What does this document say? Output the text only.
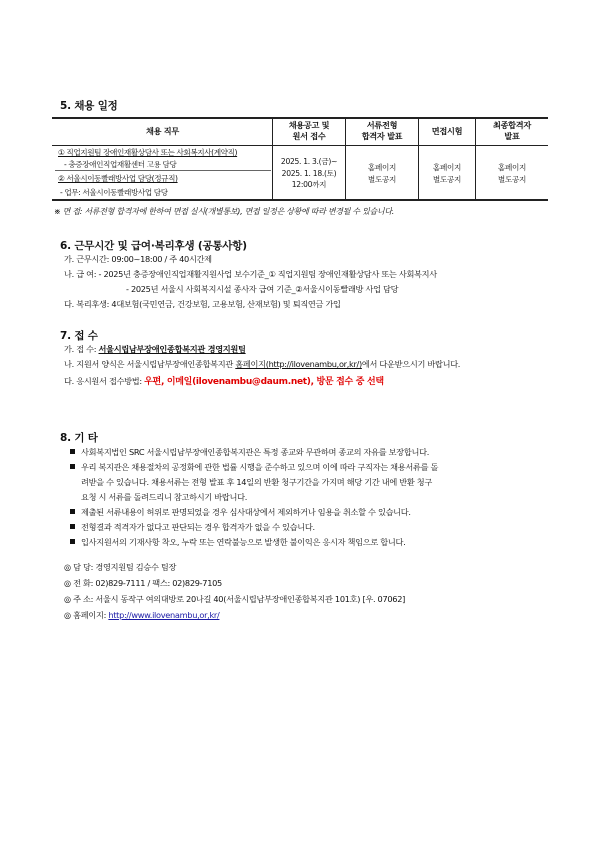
5. 채용 일정
채용 직무
채용공고 및
원서 접수
서류전형
합격자 발표	면접시험
최종합격자
발표
① 직업지원팀 장애인재활상담사 또는 사회복지사(계약직)
- 충증장애인직업재활센터 고용 담당
② 서울시이동빨래방사업 담당(정규직)
- 업무: 서울시이동빨래방사업 담당
2025. 1. 3.(금)~
2025. 1. 18.(토)
12:00까지
홈페이지
별도공지
홈페이지
별도공지
홈페이지
별도공지
※ 면 접: 서류전형 합격자에 한하여 면접 실시(개별통보), 면접 일정은 상황에 따라 변경될 수 있습니다.
6. 근무시간 및 급여·복리후생 (공통사항)
가. 근무시간: 09:00~18:00 / 주 40시간제
나. 급 여: - 2025년 충증장애인직업재활지원사업 보수기준_① 직업지원팀 장애인재활상담사 또는 사회복지사
- 2025년 서울시 사회복지시설 종사자 급여 기준_②서울시이동빨래방 사업 담당
다. 복리후생: 4대보험(국민연금, 건강보험, 고용보험, 산재보험) 및 퇴직연금 가입
7. 접 수
가. 접 수: 서울시립남부장애인종합복지관 경영지원팀
나. 지원서 양식은 서울시립남부장애인종합복지관 홈페이지(http://ilovenambu,or,kr/)에서 다운받으시기 바랍니다.
다. 응시원서 접수방법: 우편, 이메일(ilovenambu@daum.net), 방문 접수 중 선택
8. 기 타
사회복지법인 SRC 서울시립남부장애인종합복지관은 특정 종교와 무관하며 종교의 자유를 보장합니다.
우리 복지관은 채용절차의 공정화에 관한 법률 시행을 준수하고 있으며 이에 따라 구직자는 채용서류를 돌
려받을 수 있습니다. 채용서류는 전형 발표 후 14일의 반환 청구기간을 가지며 해당 기간 내에 반환 청구
요청 시 서류를 돌려드리니 참고하시기 바랍니다.
제출된 서류내용이 허위로 판명되었을 경우 심사대상에서 제외하거나 임용을 취소할 수 있습니다.
전형결과 적격자가 없다고 판단되는 경우 합격자가 없을 수 있습니다.
입사지원서의 기재사항 착오, 누락 또는 연락불능으로 발생한 불이익은 응시자 책임으로 합니다.
◎ 담 당: 경영지원팀 김승수 팀장
◎ 전 화: 02)829-7111 / 팩스: 02)829-7105
◎ 주 소: 서울시 동작구 여의대방로 20나길 40(서울시립남부장애인종합복지관 101호) [우. 07062]
◎ 홈페이지: http://www.ilovenambu,or,kr/
